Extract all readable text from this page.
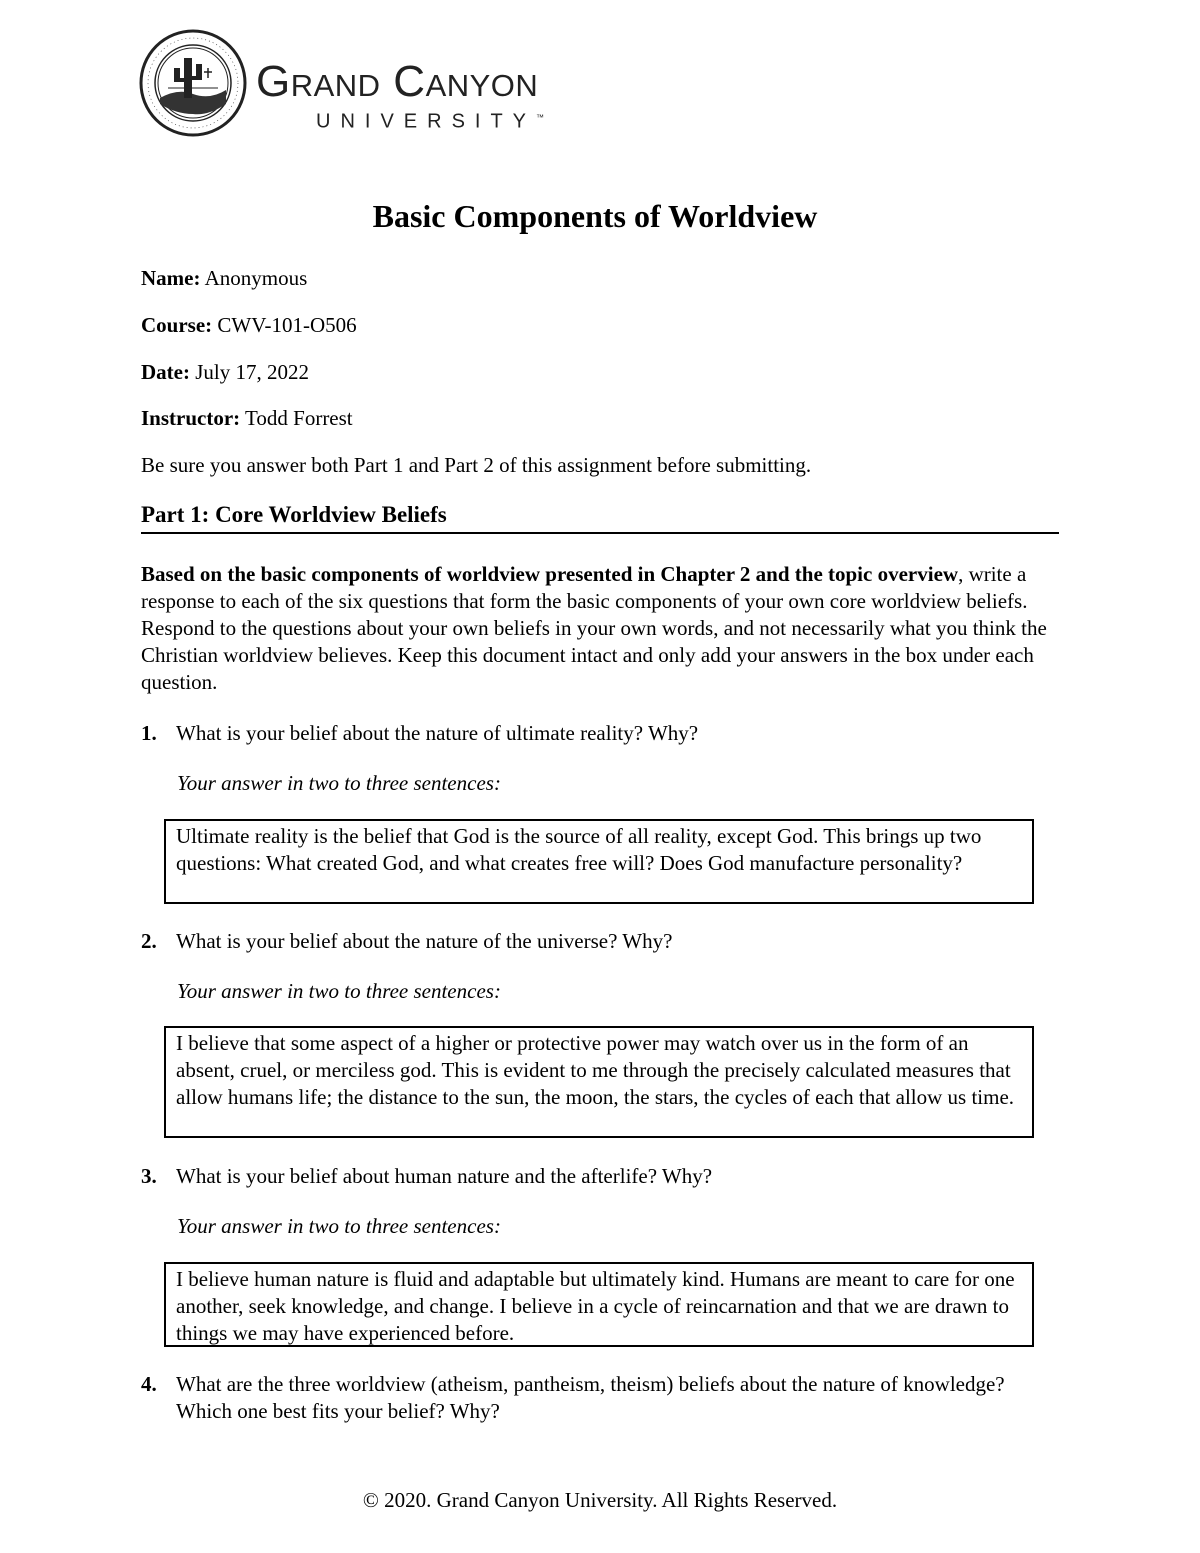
Grand Canyon
UNIVERSITY™
Basic Components of Worldview
Name: Anonymous
Course: CWV-101-O506
Date: July 17, 2022
Instructor: Todd Forrest
Be sure you answer both Part 1 and Part 2 of this assignment before submitting.
Part 1: Core Worldview Beliefs
Based on the basic components of worldview presented in Chapter 2 and the topic overview, write a response to each of the six questions that form the basic components of your own core worldview beliefs. Respond to the questions about your own beliefs in your own words, and not necessarily what you think the Christian worldview believes. Keep this document intact and only add your answers in the box under each question.
1. What is your belief about the nature of ultimate reality? Why?
Your answer in two to three sentences:
Ultimate reality is the belief that God is the source of all reality, except God. This brings up two questions: What created God, and what creates free will? Does God manufacture personality?
2. What is your belief about the nature of the universe? Why?
Your answer in two to three sentences:
I believe that some aspect of a higher or protective power may watch over us in the form of an absent, cruel, or merciless god. This is evident to me through the precisely calculated measures that allow humans life; the distance to the sun, the moon, the stars, the cycles of each that allow us time.
3. What is your belief about human nature and the afterlife? Why?
Your answer in two to three sentences:
I believe human nature is fluid and adaptable but ultimately kind. Humans are meant to care for one another, seek knowledge, and change. I believe in a cycle of reincarnation and that we are drawn to things we may have experienced before.
4. What are the three worldview (atheism, pantheism, theism) beliefs about the nature of knowledge? Which one best fits your belief? Why?
© 2020. Grand Canyon University. All Rights Reserved.
